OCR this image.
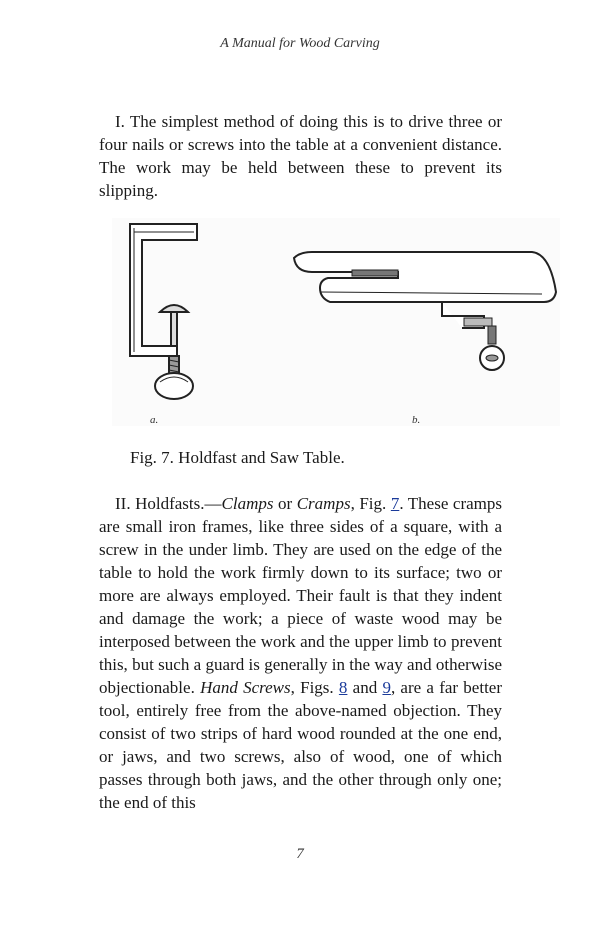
A Manual for Wood Carving

I. The simplest method of doing this is to drive three or four nails or screws into the table at a convenient distance. The work may be held between these to prevent its slipping.

a.	b.
Fig. 7. Holdfast and Saw Table.

II. Holdfasts.—Clamps or Cramps, Fig. 7. These cramps are small iron frames, like three sides of a square, with a screw in the under limb. They are used on the edge of the table to hold the work firmly down to its surface; two or more are always employed. Their fault is that they indent and damage the work; a piece of waste wood may be interposed between the work and the upper limb to prevent this, but such a guard is generally in the way and otherwise objectionable. Hand Screws, Figs. 8 and 9, are a far better tool, entirely free from the above-named objection. They consist of two strips of hard wood rounded at the one end, or jaws, and two screws, also of wood, one of which passes through both jaws, and the other through only one; the end of this

7
